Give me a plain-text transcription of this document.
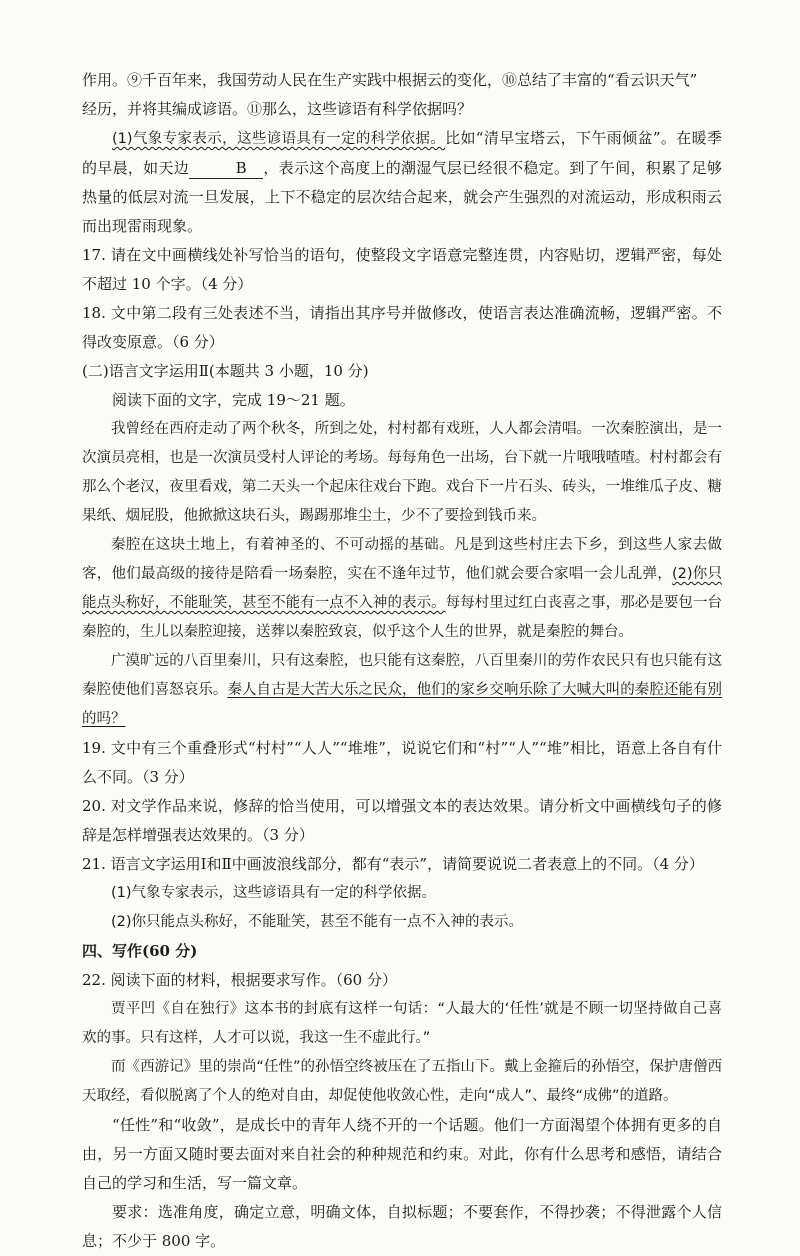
作用。⑨千百年来，我国劳动人民在生产实践中根据云的变化，⑩总结了丰富的“看云识天气”
经历，并将其编成谚语。⑪那么，这些谚语有科学依据吗？

(1)气象专家表示，这些谚语具有一定的科学依据。比如“清早宝塔云，下午雨倾盆”。在暖季的早晨，如天边	B ，表示这个高度上的潮湿气层已经很不稳定。到了午间，积累了足够热量的低层对流一旦发展，上下不稳定的层次结合起来，就会产生强烈的对流运动，形成积雨云而出现雷雨现象。

17. 请在文中画横线处补写恰当的语句，使整段文字语意完整连贯，内容贴切，逻辑严密，每处不超过 10 个字。（4 分）

18. 文中第二段有三处表述不当，请指出其序号并做修改，使语言表达准确流畅，逻辑严密。不得改变原意。（6 分）

(二)语言文字运用Ⅱ(本题共 3 小题，10 分)

阅读下面的文字，完成 19～21 题。

我曾经在西府走动了两个秋冬，所到之处，村村都有戏班，人人都会清唱。一次秦腔演出，是一次演员亮相，也是一次演员受村人评论的考场。每每角色一出场，台下就一片哦哦喳喳。村村都会有那么个老汉，夜里看戏，第二天头一个起床往戏台下跑。戏台下一片石头、砖头，一堆维瓜子皮、糖果纸、烟屁股，他掀掀这块石头，踢踢那堆尘土，少不了要捡到钱币来。

秦腔在这块土地上，有着神圣的、不可动摇的基础。凡是到这些村庄去下乡，到这些人家去做客，他们最高级的接待是陪看一场秦腔，实在不逢年过节，他们就会要合家唱一会儿乱弹，(2)你只能点头称好，不能耻笑，甚至不能有一点不入神的表示。每每村里过红白丧喜之事，那必是要包一台秦腔的，生儿以秦腔迎接，送葬以秦腔致哀，似乎这个人生的世界，就是秦腔的舞台。

广漠旷远的八百里秦川，只有这秦腔，也只能有这秦腔，八百里秦川的劳作农民只有也只能有这秦腔使他们喜怒哀乐。秦人自古是大苦大乐之民众，他们的家乡交响乐除了大喊大叫的秦腔还能有别的吗？

19. 文中有三个重叠形式“村村”“人人”“堆堆”，说说它们和“村”“人”“堆”相比，语意上各自有什么不同。（3 分）

20. 对文学作品来说，修辞的恰当使用，可以增强文本的表达效果。请分析文中画横线句子的修辞是怎样增强表达效果的。（3 分）

21. 语言文字运用Ⅰ和Ⅱ中画波浪线部分，都有“表示”，请简要说说二者表意上的不同。（4 分）

(1)气象专家表示，这些谚语具有一定的科学依据。

(2)你只能点头称好，不能耻笑，甚至不能有一点不入神的表示。

四、写作(60 分)

22. 阅读下面的材料，根据要求写作。（60 分）

贾平凹《自在独行》这本书的封底有这样一句话：“人最大的‘任性’就是不顾一切坚持做自己喜欢的事。只有这样，人才可以说，我这一生不虚此行。”

而《西游记》里的崇尚“任性”的孙悟空终被压在了五指山下。戴上金箍后的孙悟空，保护唐僧西天取经，看似脱离了个人的绝对自由，却促使他收敛心性，走向“成人”、最终“成佛”的道路。

“任性”和“收敛”，是成长中的青年人绕不开的一个话题。他们一方面渴望个体拥有更多的自由，另一方面又随时要去面对来自社会的种种规范和约束。对此，你有什么思考和感悟，请结合自己的学习和生活，写一篇文章。

要求：选准角度，确定立意，明确文体，自拟标题；不要套作，不得抄袭；不得泄露个人信息；不少于 800 字。
